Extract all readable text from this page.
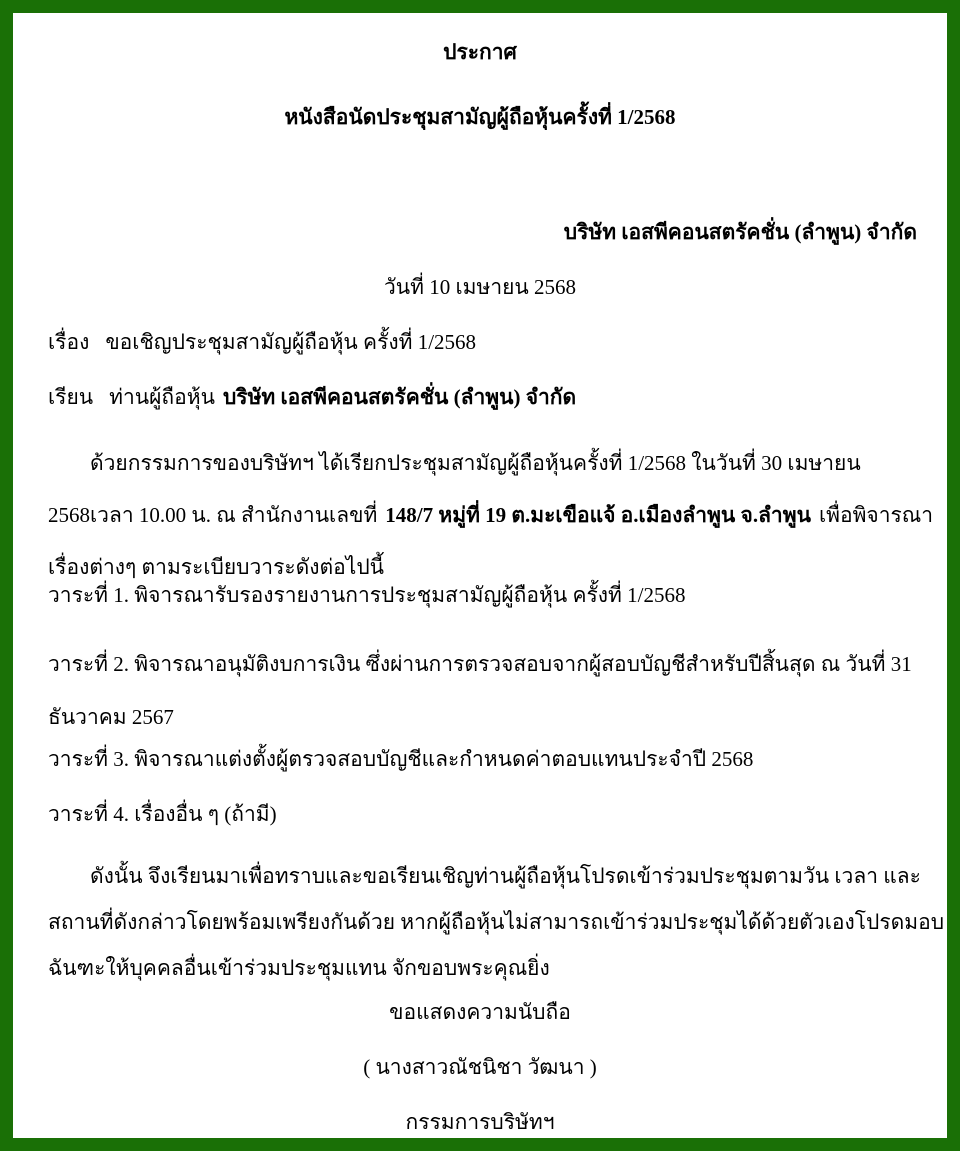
ประกาศ

หนังสือนัดประชุมสามัญผู้ถือหุ้นครั้งที่ 1/2568

บริษัท เอสพีคอนสตรัคชั่น (ลำพูน) จำกัด

วันที่ 10 เมษายน 2568

เรื่อง ขอเชิญประชุมสามัญผู้ถือหุ้น ครั้งที่ 1/2568

เรียน ท่านผู้ถือหุ้น บริษัท เอสพีคอนสตรัคชั่น (ลำพูน) จำกัด

ด้วยกรรมการของบริษัทฯ ได้เรียกประชุมสามัญผู้ถือหุ้นครั้งที่ 1/2568 ในวันที่ 30 เมษายน 2568เวลา 10.00 น. ณ สำนักงานเลขที่ 148/7 หมู่ที่ 19 ต.มะเขือแจ้ อ.เมืองลำพูน จ.ลำพูน เพื่อพิจารณาเรื่องต่างๆ ตามระเบียบวาระดังต่อไปนี้

วาระที่ 1. พิจารณารับรองรายงานการประชุมสามัญผู้ถือหุ้น ครั้งที่ 1/2568

วาระที่ 2. พิจารณาอนุมัติงบการเงิน ซึ่งผ่านการตรวจสอบจากผู้สอบบัญชีสำหรับปีสิ้นสุด ณ วันที่ 31 ธันวาคม 2567

วาระที่ 3. พิจารณาแต่งตั้งผู้ตรวจสอบบัญชีและกำหนดค่าตอบแทนประจำปี 2568

วาระที่ 4. เรื่องอื่น ๆ (ถ้ามี)

ดังนั้น จึงเรียนมาเพื่อทราบและขอเรียนเชิญท่านผู้ถือหุ้นโปรดเข้าร่วมประชุมตามวัน เวลา และสถานที่ดังกล่าวโดยพร้อมเพรียงกันด้วย หากผู้ถือหุ้นไม่สามารถเข้าร่วมประชุมได้ด้วยตัวเองโปรดมอบฉันฑะให้บุคคลอื่นเข้าร่วมประชุมแทน จักขอบพระคุณยิ่ง

ขอแสดงความนับถือ

( นางสาวณัชนิชา วัฒนา )

กรรมการบริษัทฯ
